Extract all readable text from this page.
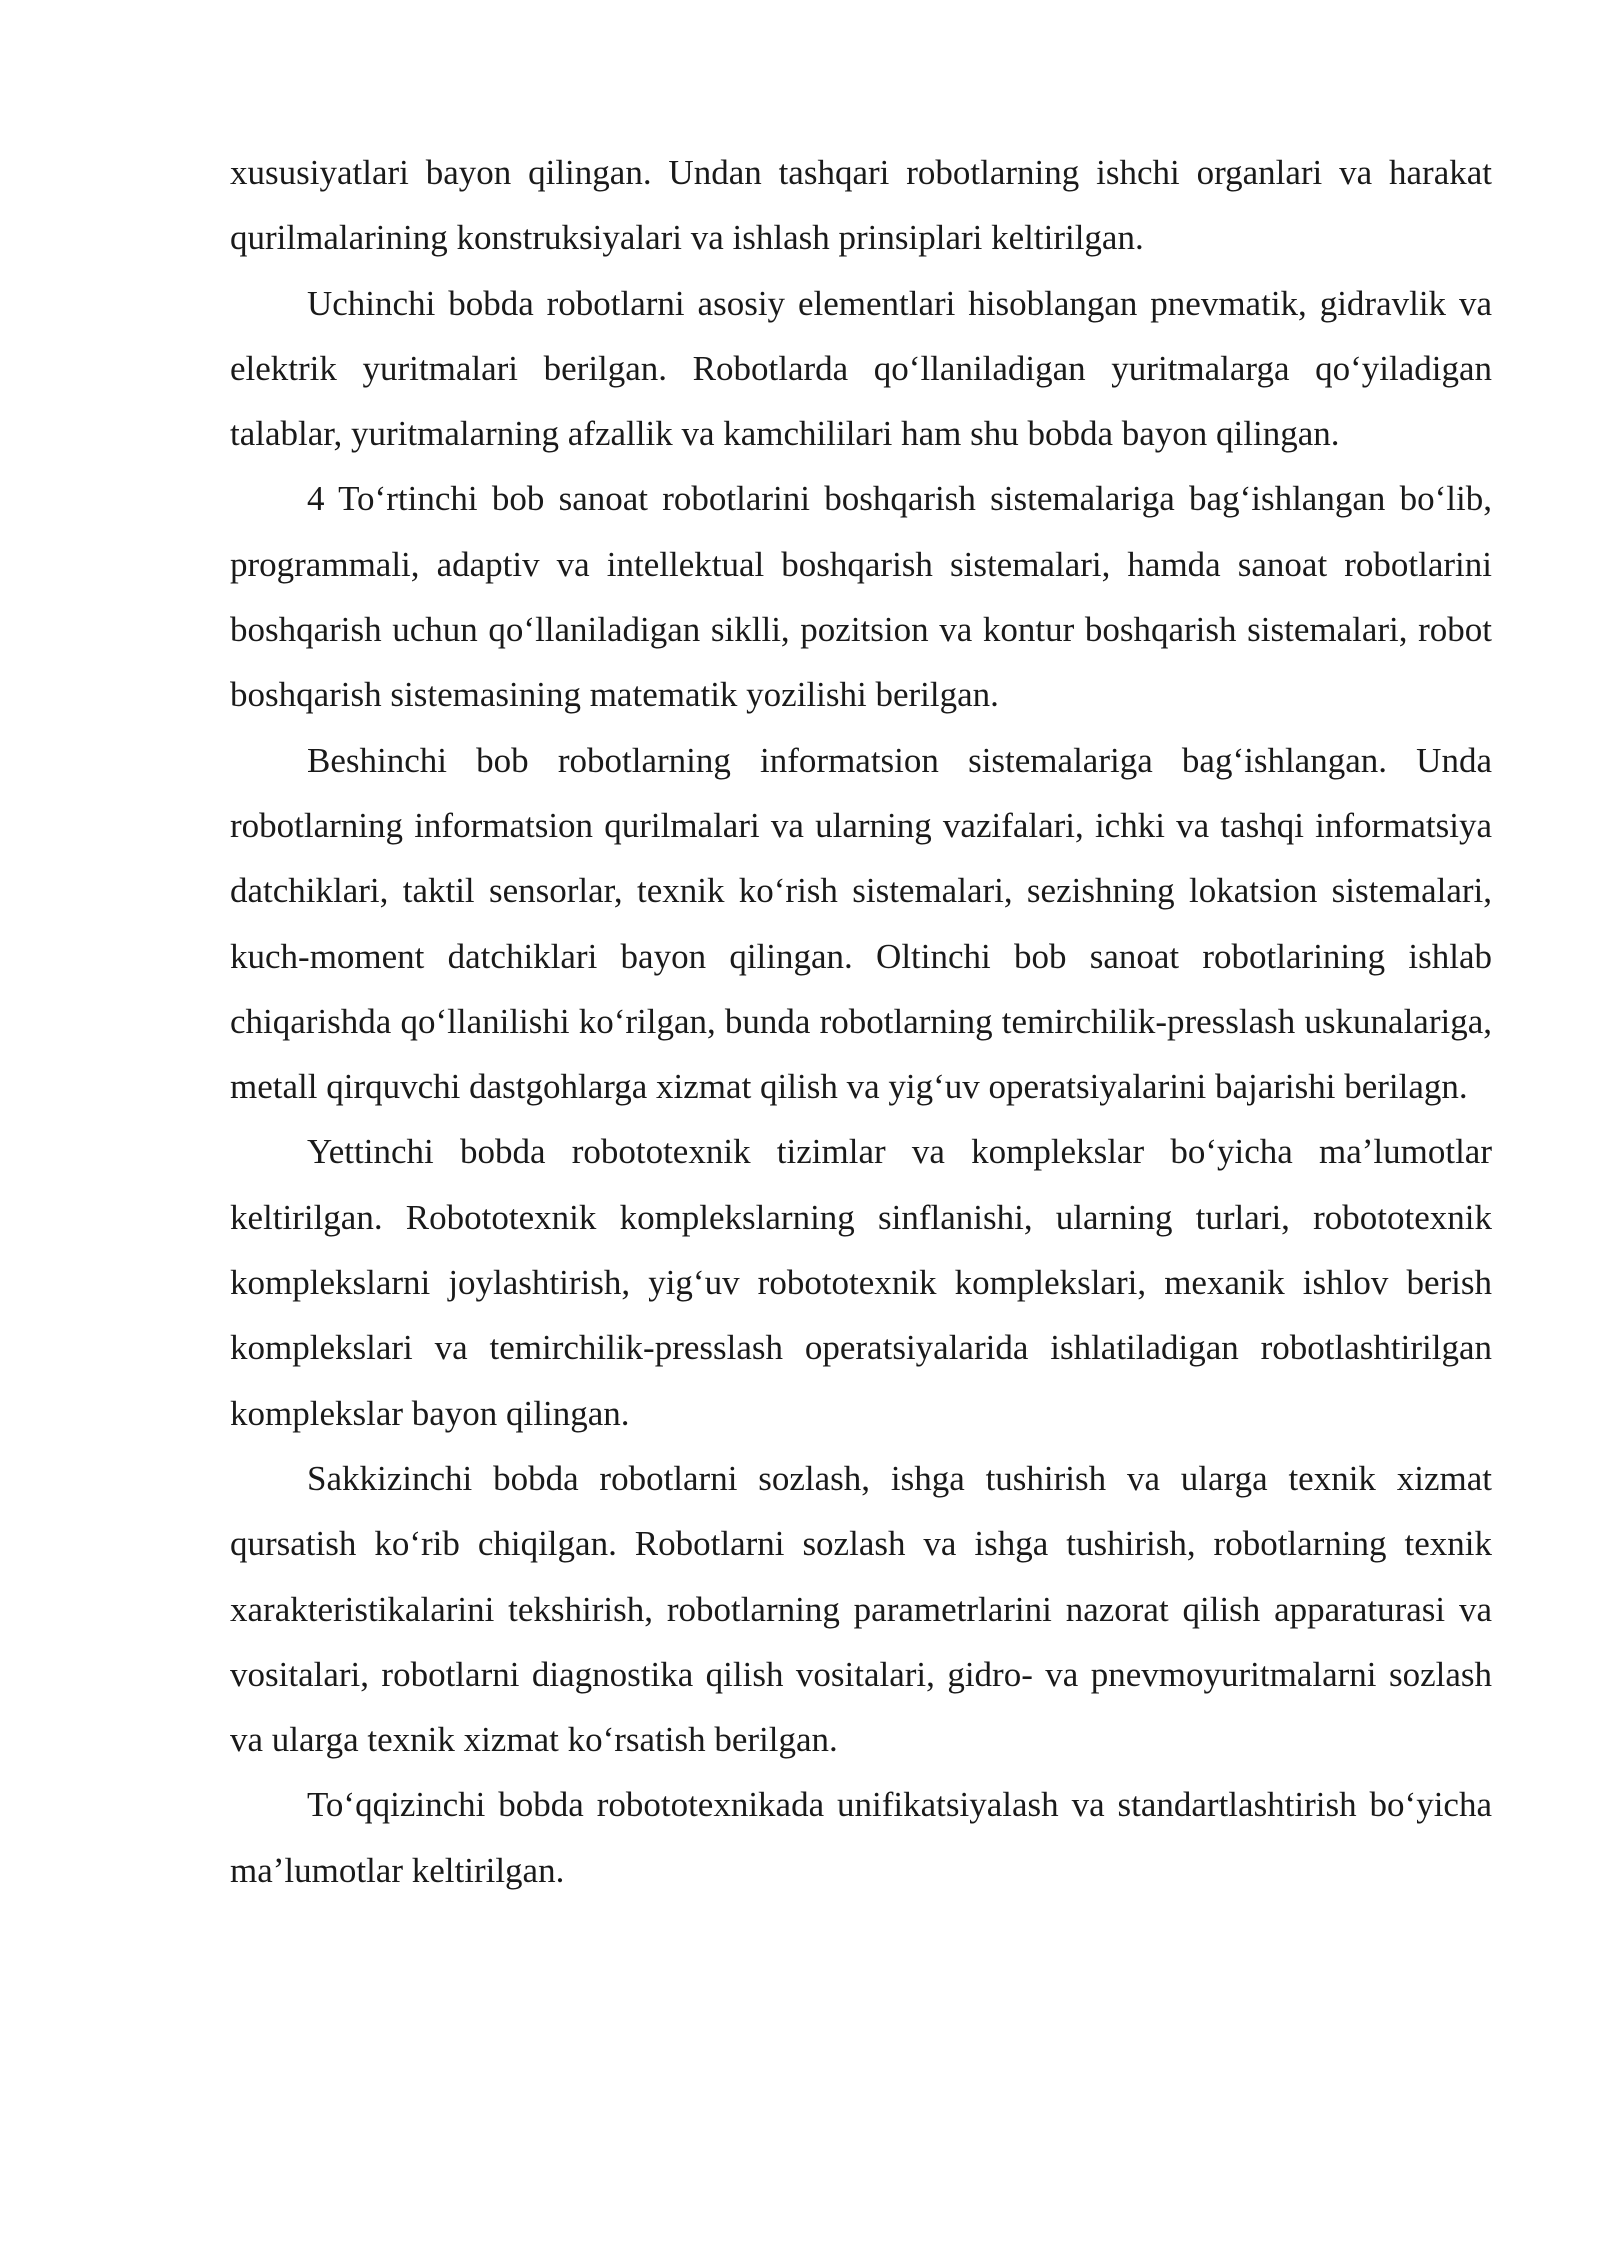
xususiyatlari bayon qilingan. Undan tashqari robotlarning ishchi organlari va harakat qurilmalarining konstruksiyalari va ishlash prinsiplari keltirilgan.

Uchinchi bobda robotlarni asosiy elementlari hisoblangan pnevmatik, gidravlik va elektrik yuritmalari berilgan. Robotlarda qoʻllaniladigan yuritmalarga qoʻyiladigan talablar, yuritmalarning afzallik va kamchililari ham shu bobda bayon qilingan.

4 Toʻrtinchi bob sanoat robotlarini boshqarish sistemalariga bagʻishlangan boʻlib, programmali, adaptiv va intellektual boshqarish sistemalari, hamda sanoat robotlarini boshqarish uchun qoʻllaniladigan siklli, pozitsion va kontur boshqarish sistemalari, robot boshqarish sistemasining matematik yozilishi berilgan.

Beshinchi bob robotlarning informatsion sistemalariga bagʻishlangan. Unda robotlarning informatsion qurilmalari va ularning vazifalari, ichki va tashqi informatsiya datchiklari, taktil sensorlar, texnik koʻrish sistemalari, sezishning lokatsion sistemalari, kuch-moment datchiklari bayon qilingan. Oltinchi bob sanoat robotlarining ishlab chiqarishda qoʻllanilishi koʻrilgan, bunda robotlarning temirchilik-presslash uskunalariga, metall qirquvchi dastgohlarga xizmat qilish va yigʻuv operatsiyalarini bajarishi berilagn.

Yettinchi bobda robototexnik tizimlar va komplekslar boʻyicha maʼlumotlar keltirilgan. Robototexnik komplekslarning sinflanishi, ularning turlari, robototexnik komplekslarni joylashtirish, yigʻuv robototexnik komplekslari, mexanik ishlov berish komplekslari va temirchilik-presslash operatsiyalarida ishlatiladigan robotlashtirilgan komplekslar bayon qilingan.

Sakkizinchi bobda robotlarni sozlash, ishga tushirish va ularga texnik xizmat qursatish koʻrib chiqilgan. Robotlarni sozlash va ishga tushirish, robotlarning texnik xarakteristikalarini tekshirish, robotlarning parametrlarini nazorat qilish apparaturasi va vositalari, robotlarni diagnostika qilish vositalari, gidro- va pnevmoyuritmalarni sozlash va ularga texnik xizmat koʻrsatish berilgan.

Toʻqqizinchi bobda robototexnikada unifikatsiyalash va standartlashtirish boʻyicha maʼlumotlar keltirilgan.
